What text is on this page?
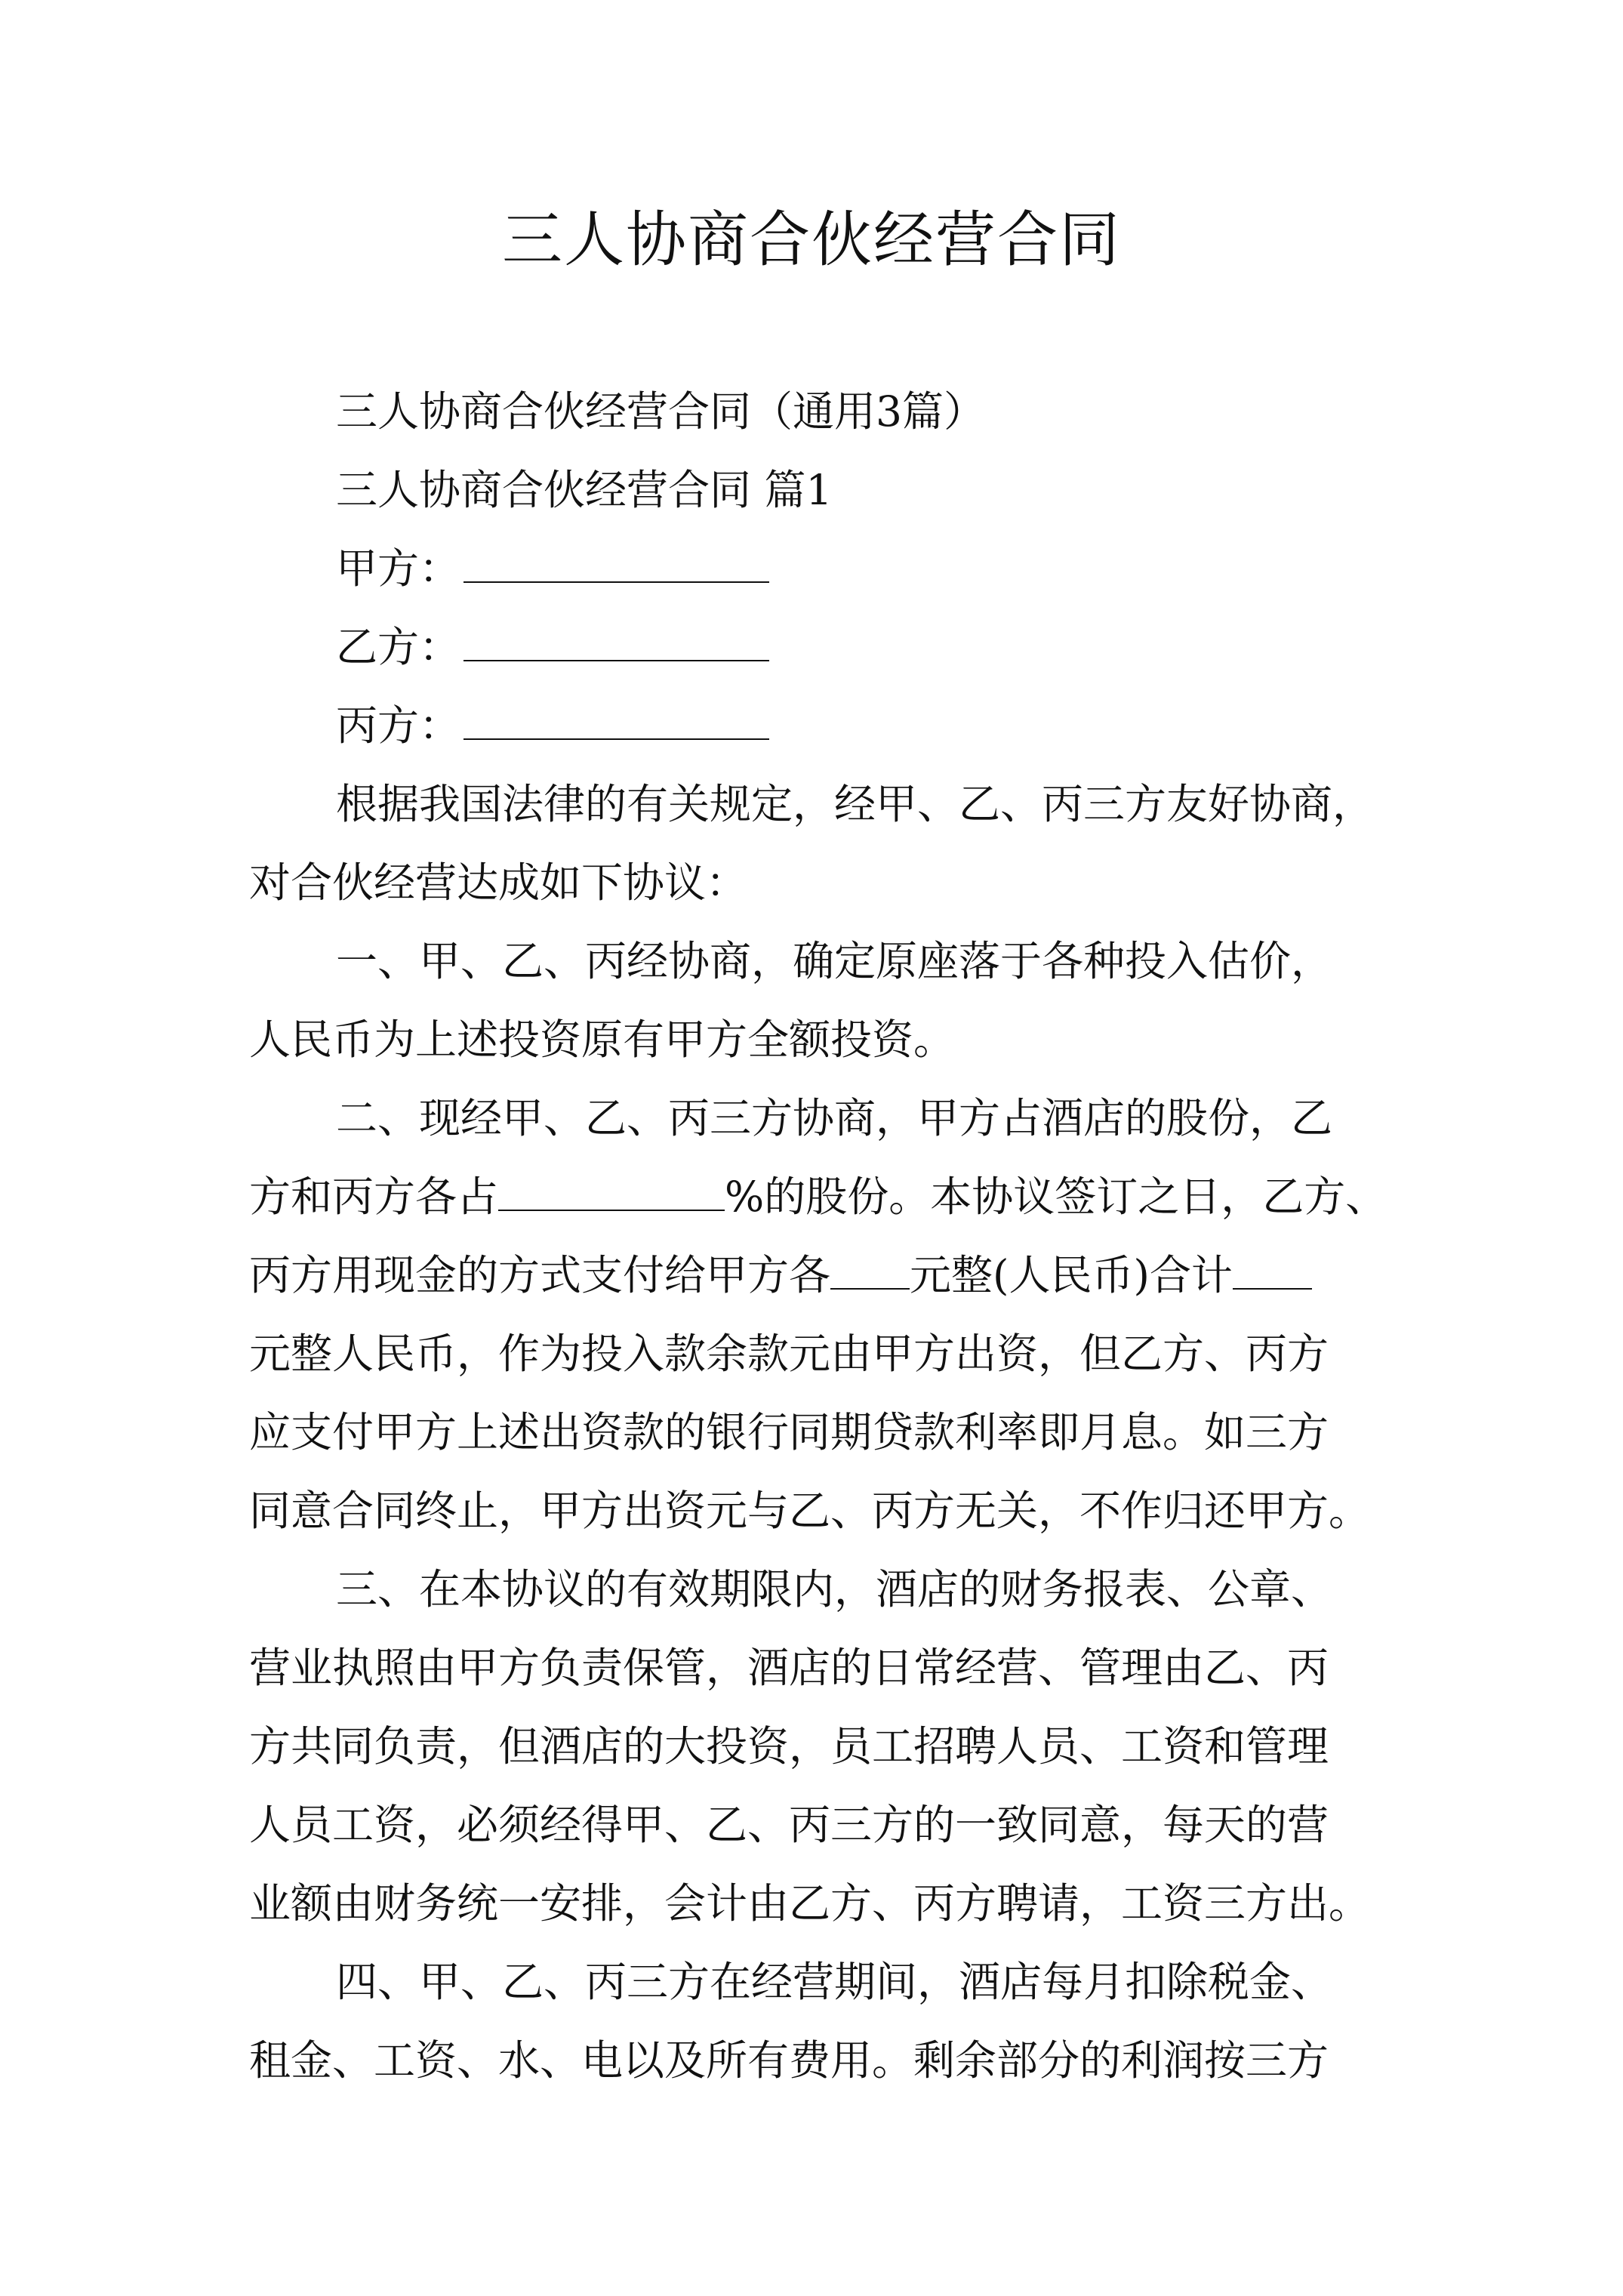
三人协商合伙经营合同
三人协商合伙经营合同（通用3篇）
三人协商合伙经营合同 篇1
甲方：
乙方：
丙方：
根据我国法律的有关规定，经甲、乙、丙三方友好协商，
对合伙经营达成如下协议：
一、甲、乙、丙经协商，确定原座落于各种投入估价，
人民币为上述投资原有甲方全额投资。
二、现经甲、乙、丙三方协商，甲方占酒店的股份，乙
方和丙方各占	%的股份。本协议签订之日，乙方、
丙方用现金的方式支付给甲方各 元整(人民币)合计
元整人民币，作为投入款余款元由甲方出资，但乙方、丙方
应支付甲方上述出资款的银行同期贷款利率即月息。如三方
同意合同终止，甲方出资元与乙、丙方无关，不作归还甲方。
三、在本协议的有效期限内，酒店的财务报表、公章、
营业执照由甲方负责保管，酒店的日常经营、管理由乙、丙
方共同负责，但酒店的大投资，员工招聘人员、工资和管理
人员工资，必须经得甲、乙、丙三方的一致同意，每天的营
业额由财务统一安排，会计由乙方、丙方聘请，工资三方出。
四、甲、乙、丙三方在经营期间，酒店每月扣除税金、
租金、工资、水、电以及所有费用。剩余部分的利润按三方
